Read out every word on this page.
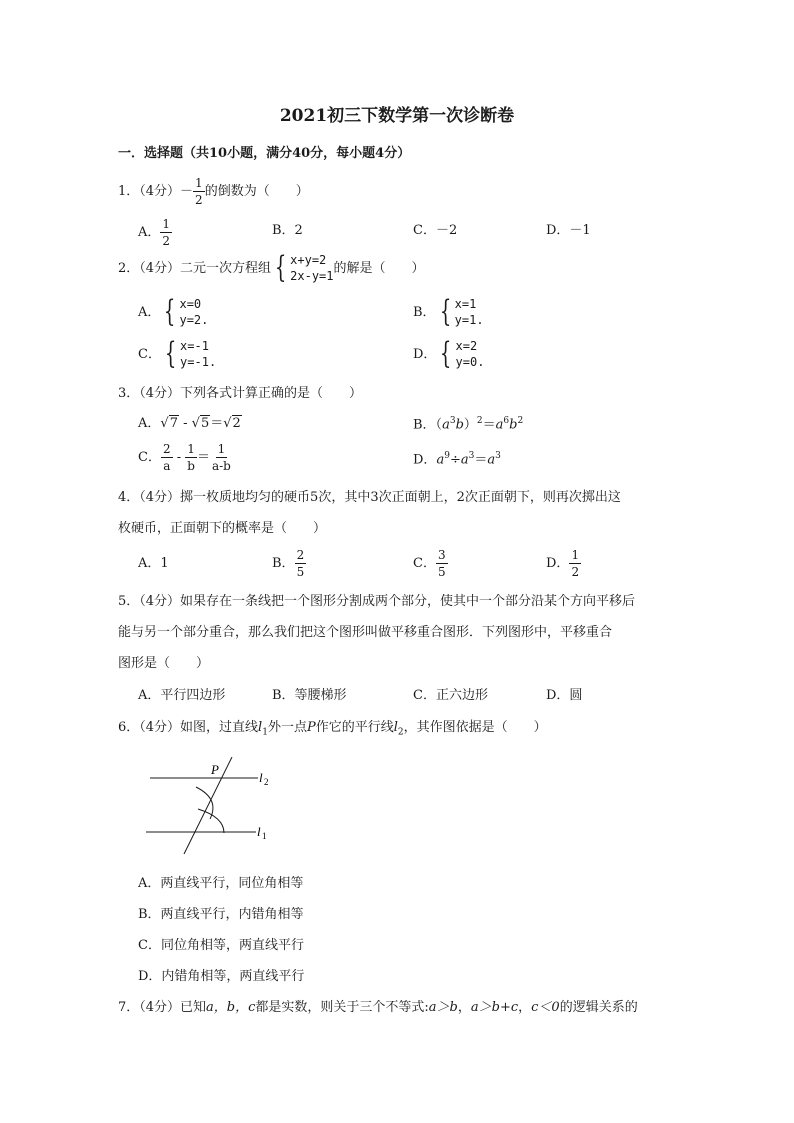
2021初三下数学第一次诊断卷
一．选择题（共10小题，满分40分，每小题4分）
1．（4分）－ $\frac{1}{2}$ 的倒数为（　　）
A． $\frac{1}{2}$	B．2	C．－2	D．－1
2．（4分）二元一次方程组 { x+y=2
2x-y=1
的解是（　　）
A． { x=0
y=2.
B． { x=1
y=1.
C． { x=-1
y=-1.
D． { x=2
y=0.
3．（4分）下列各式计算正确的是（　　）
A． √7 - √5 ＝ √2	B．$(a^3b)^2=a^6b^2$
C． $\frac{2}{a} - \frac{1}{b} = \frac{1}{a-b}$	D．$a^9\div a^3=a^3$
4．（4分）掷一枚质地均匀的硬币5次，其中3次正面朝上，2次正面朝下，则再次掷出这
枚硬币，正面朝下的概率是（　　）
A．1	B． $\frac{2}{5}$	C． $\frac{3}{5}$	D． $\frac{1}{2}$
5．（4分）如果存在一条线把一个图形分割成两个部分，使其中一个部分沿某个方向平移后
能与另一个部分重合，那么我们把这个图形叫做平移重合图形．下列图形中，平移重合
图形是（　　）
A．平行四边形	B．等腰梯形	C．正六边形	D．圆
6．（4分）如图，过直线$l_1$外一点P作它的平行线$l_2$，其作图依据是（　　）
P
l 2
l 1
A．两直线平行，同位角相等
B．两直线平行，内错角相等
C．同位角相等，两直线平行
D．内错角相等，两直线平行
7．（4分）已知a，b，c都是实数，则关于三个不等式:a＞b，a＞b+c，c＜0的逻辑关系的
